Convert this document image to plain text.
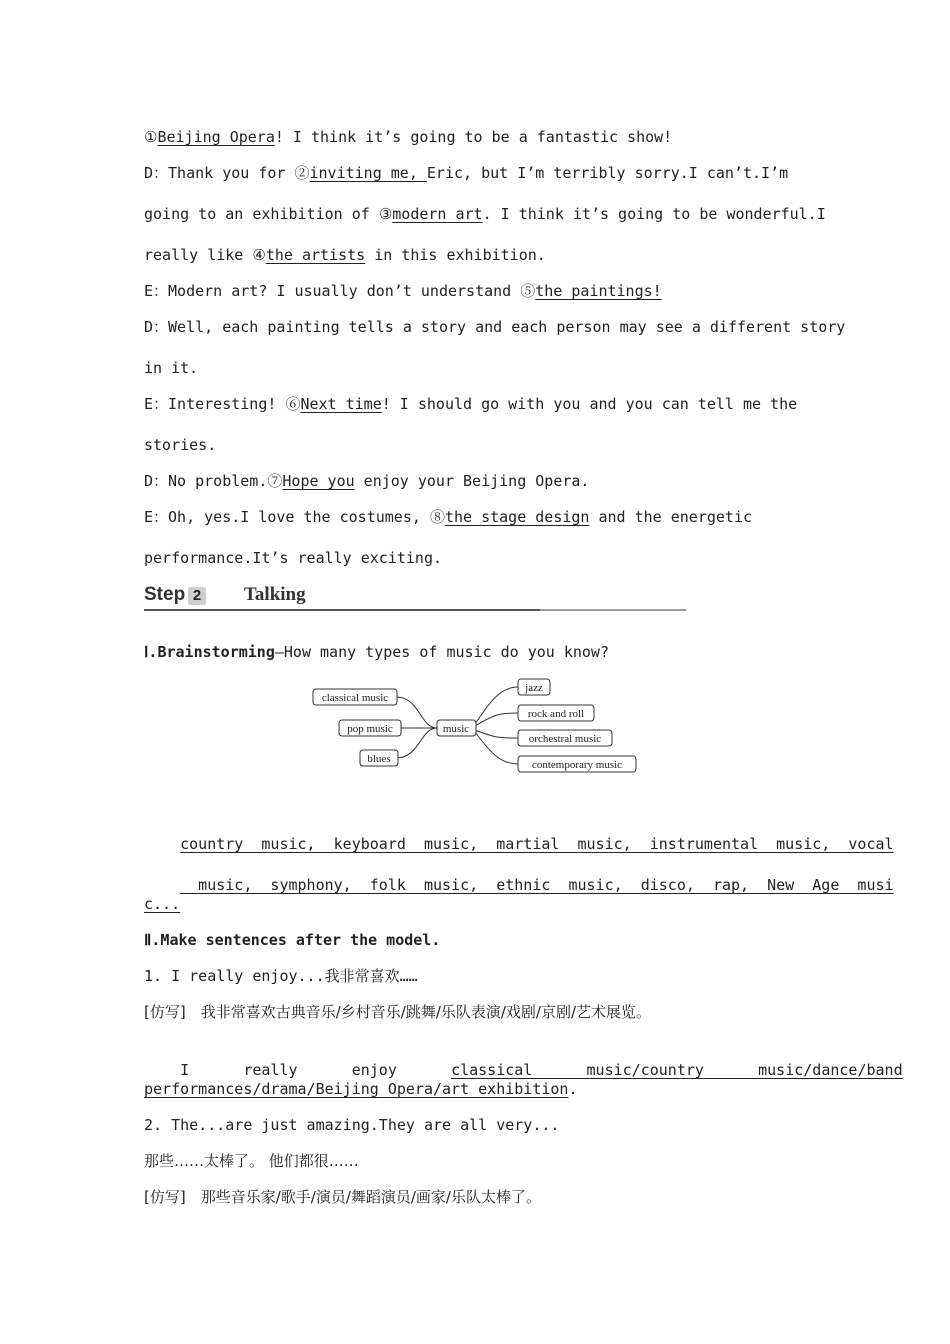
①Beijing Opera! I think it’s going to be a fantastic show!
D：Thank you for ②inviting me, Eric, but I’m terribly sorry.I can’t.I’m
going to an exhibition of ③modern art. I think it’s going to be wonderful.I
really like ④the artists in this exhibition.
E：Modern art? I usually don’t understand ⑤the paintings!
D：Well, each painting tells a story and each person may see a different story
in it.
E：Interesting! ⑥Next time! I should go with you and you can tell me the
stories.
D：No problem.⑦Hope you enjoy your Beijing Opera.
E：Oh, yes.I love the costumes, ⑧the stage design and the energetic
performance.It’s really exciting.
Step 2 Talking
Ⅰ.Brainstorming—How many types of music do you know?
classical music
pop music
blues
music
jazz
rock and roll
orchestral music
contemporary music

country  music,  keyboard  music,  martial  music,  instrumental  music,  vocal

music,  symphony,  folk  music,  ethnic  music,  disco,  rap,  New  Age  musi

c...
Ⅱ.Make sentences after the model.
1. I really enjoy...我非常喜欢……
[仿写]　我非常喜欢古典音乐/乡村音乐/跳舞/乐队表演/戏剧/京剧/艺术展览。

I      really      enjoy      classical      music/country      music/dance/band

performances/drama/Beijing Opera/art exhibition.
2. The...are just amazing.They are all very...
那些……太棒了。 他们都很……
[仿写]　那些音乐家/歌手/演员/舞蹈演员/画家/乐队太棒了。
